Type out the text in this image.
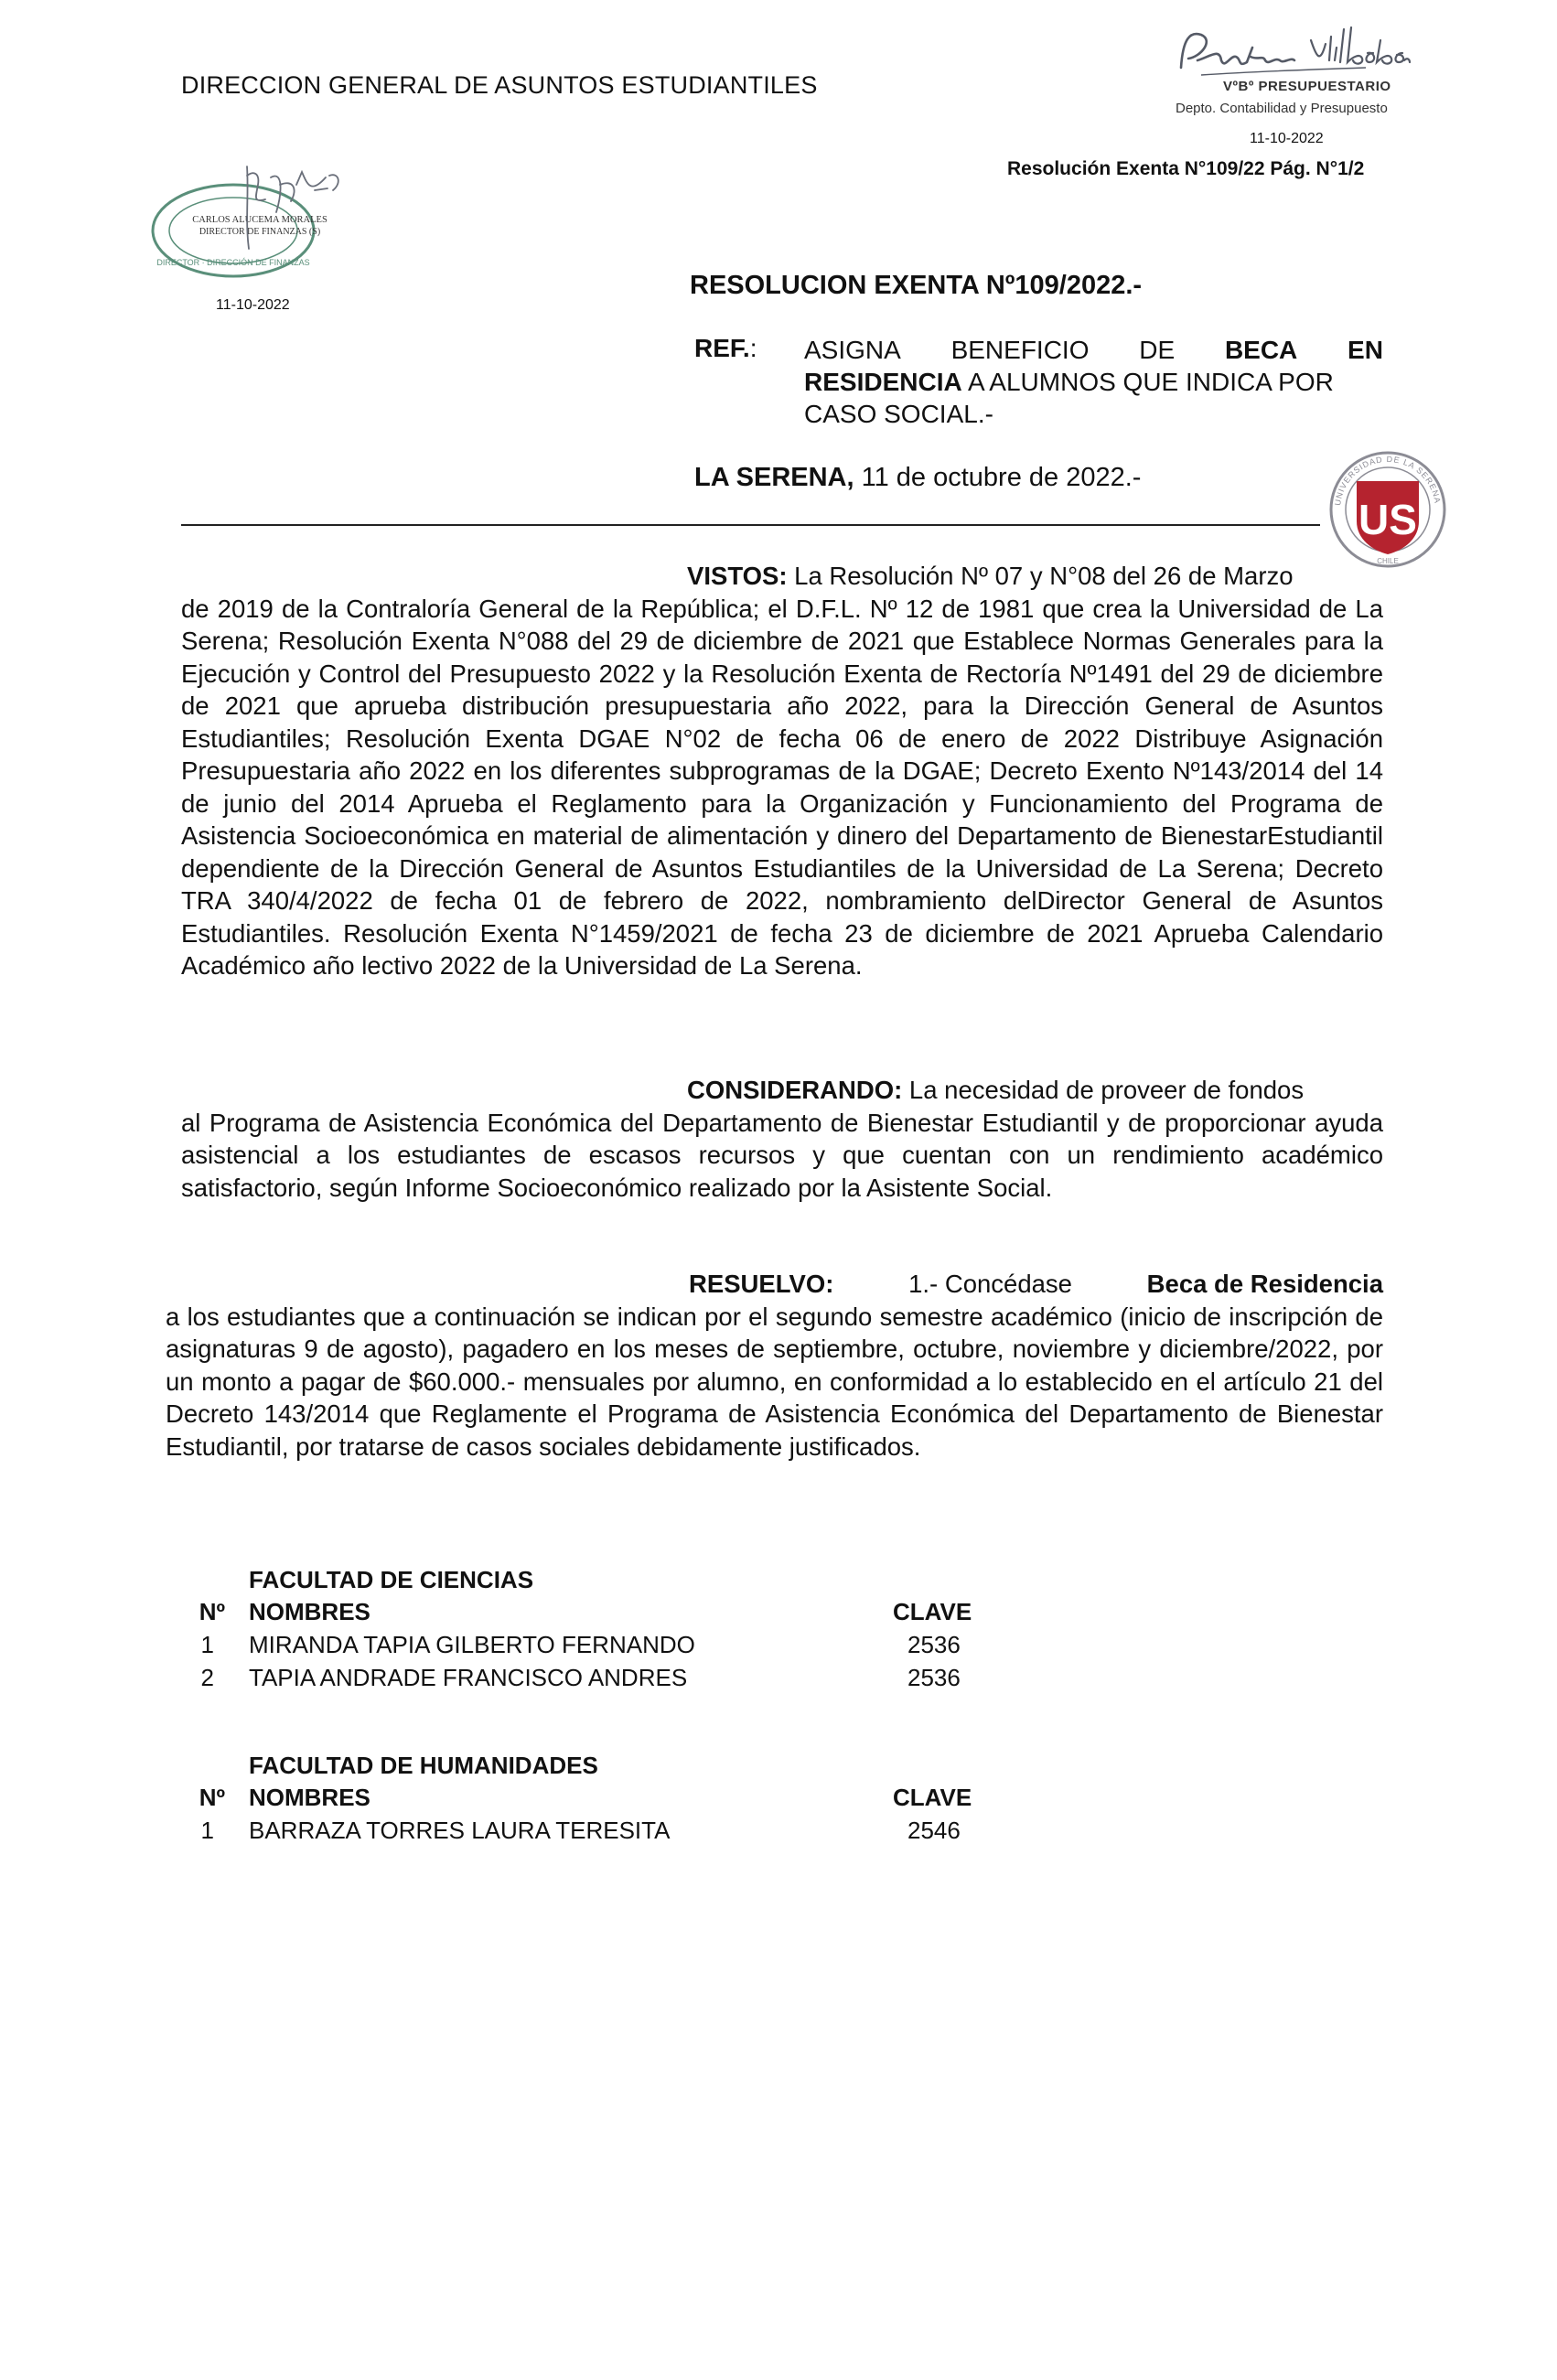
DIRECCION GENERAL DE ASUNTOS ESTUDIANTILES	VºBº PRESUPUESTARIO
Depto. Contabilidad y Presupuesto
11-10-2022
Resolución Exenta N°109/22 Pág. N°1/2
DIRECTOR · DIRECCIÓN DE FINANZAS
CARLOS ALUCEMA MORALES
DIRECTOR DE FINANZAS (S)
11-10-2022
RESOLUCION EXENTA Nº109/2022.-
REF.: ASIGNA BENEFICIO DE BECA EN
RESIDENCIA A ALUMNOS QUE INDICA POR
CASO SOCIAL.-
LA SERENA, 11 de octubre de 2022.-
UNIVERSIDAD DE LA SERENA
CHILE
US
VISTOS: La Resolución Nº 07 y N°08 del 26 de Marzo
de 2019 de la Contraloría General de la República; el D.F.L. Nº 12 de 1981 que crea la Universidad de La Serena; Resolución Exenta N°088 del 29 de diciembre de 2021 que Establece Normas Generales para la Ejecución y Control del Presupuesto 2022 y la Resolución Exenta de Rectoría Nº1491 del 29 de diciembre de 2021 que aprueba distribución presupuestaria año 2022, para la Dirección General de Asuntos Estudiantiles; Resolución Exenta DGAE N°02 de fecha 06 de enero de 2022 Distribuye Asignación Presupuestaria año 2022 en los diferentes subprogramas de la DGAE; Decreto Exento Nº143/2014 del 14 de junio del 2014 Aprueba el Reglamento para la Organización y Funcionamiento del Programa de Asistencia Socioeconómica en material de alimentación y dinero del Departamento de BienestarEstudiantil dependiente de la Dirección General de Asuntos Estudiantiles de la Universidad de La Serena; Decreto TRA 340/4/2022 de fecha 01 de febrero de 2022, nombramiento delDirector General de Asuntos Estudiantiles. Resolución Exenta N°1459/2021 de fecha 23 de diciembre de 2021 Aprueba Calendario Académico año lectivo 2022 de la Universidad de La Serena.
CONSIDERANDO: La necesidad de proveer de fondos
al Programa de Asistencia Económica del Departamento de Bienestar Estudiantil y de proporcionar ayuda asistencial a los estudiantes de escasos recursos y que cuentan con un rendimiento académico satisfactorio, según Informe Socioeconómico realizado por la Asistente Social.
RESUELVO:	1.- Concédase	Beca de Residencia
a los estudiantes que a continuación se indican por el segundo semestre académico (inicio de inscripción de asignaturas 9 de agosto), pagadero en los meses de septiembre, octubre, noviembre y diciembre/2022, por un monto a pagar de $60.000.- mensuales por alumno, en conformidad a lo establecido en el artículo 21 del Decreto 143/2014 que Reglamente el Programa de Asistencia Económica del Departamento de Bienestar Estudiantil, por tratarse de casos sociales debidamente justificados.
FACULTAD DE CIENCIAS
Nº NOMBRES	CLAVE
1 MIRANDA TAPIA GILBERTO FERNANDO	2536
2 TAPIA ANDRADE FRANCISCO ANDRES	2536
FACULTAD DE HUMANIDADES
Nº NOMBRES	CLAVE
1 BARRAZA TORRES LAURA TERESITA	2546
